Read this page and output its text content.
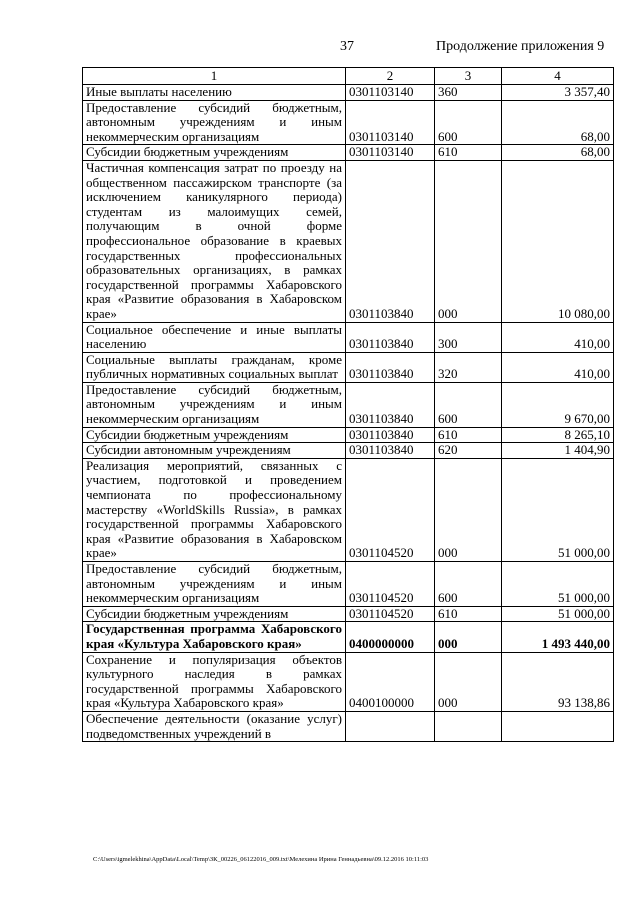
37	Продолжение приложения 9
1	2	3	4
Иные выплаты населению	0301103140	360	3 357,40
Предоставление субсидий бюджетным, автономным учреждениям и иным некоммерческим организациям	0301103140	600	68,00
Субсидии бюджетным учреждениям	0301103140	610	68,00
Частичная компенсация затрат по проезду на общественном пассажирском транспорте (за исключением каникулярного периода) студентам из малоимущих семей, получающим в очной форме профессиональное образование в краевых государственных профессиональных образовательных организациях, в рамках государственной программы Хабаровского края «Развитие образования в Хабаровском крае»	0301103840	000	10 080,00
Социальное обеспечение и иные выплаты населению	0301103840	300	410,00
Социальные выплаты гражданам, кроме публичных нормативных социальных выплат	0301103840	320	410,00
Предоставление субсидий бюджетным, автономным учреждениям и иным некоммерческим организациям	0301103840	600	9 670,00
Субсидии бюджетным учреждениям	0301103840	610	8 265,10
Субсидии автономным учреждениям	0301103840	620	1 404,90
Реализация мероприятий, связанных с участием, подготовкой и проведением чемпионата по профессиональному мастерству «WorldSkills Russia», в рамках государственной программы Хабаровского края «Развитие образования в Хабаровском крае»	0301104520	000	51 000,00
Предоставление субсидий бюджетным, автономным учреждениям и иным некоммерческим организациям	0301104520	600	51 000,00
Субсидии бюджетным учреждениям	0301104520	610	51 000,00
Государственная программа Хабаровского края «Культура Хабаровского края»	0400000000	000	1 493 440,00
Сохранение и популяризация объектов культурного наследия в рамках государственной программы Хабаровского края «Культура Хабаровского края»	0400100000	000	93 138,86
Обеспечение деятельности (оказание услуг) подведомственных учреждений в			
C:\Users\igmelekhina\AppData\Local\Temp\ЗК_00226_06122016_009.txt\Мелехина Ирина Геннадьевна\09.12.2016 10:11:03
